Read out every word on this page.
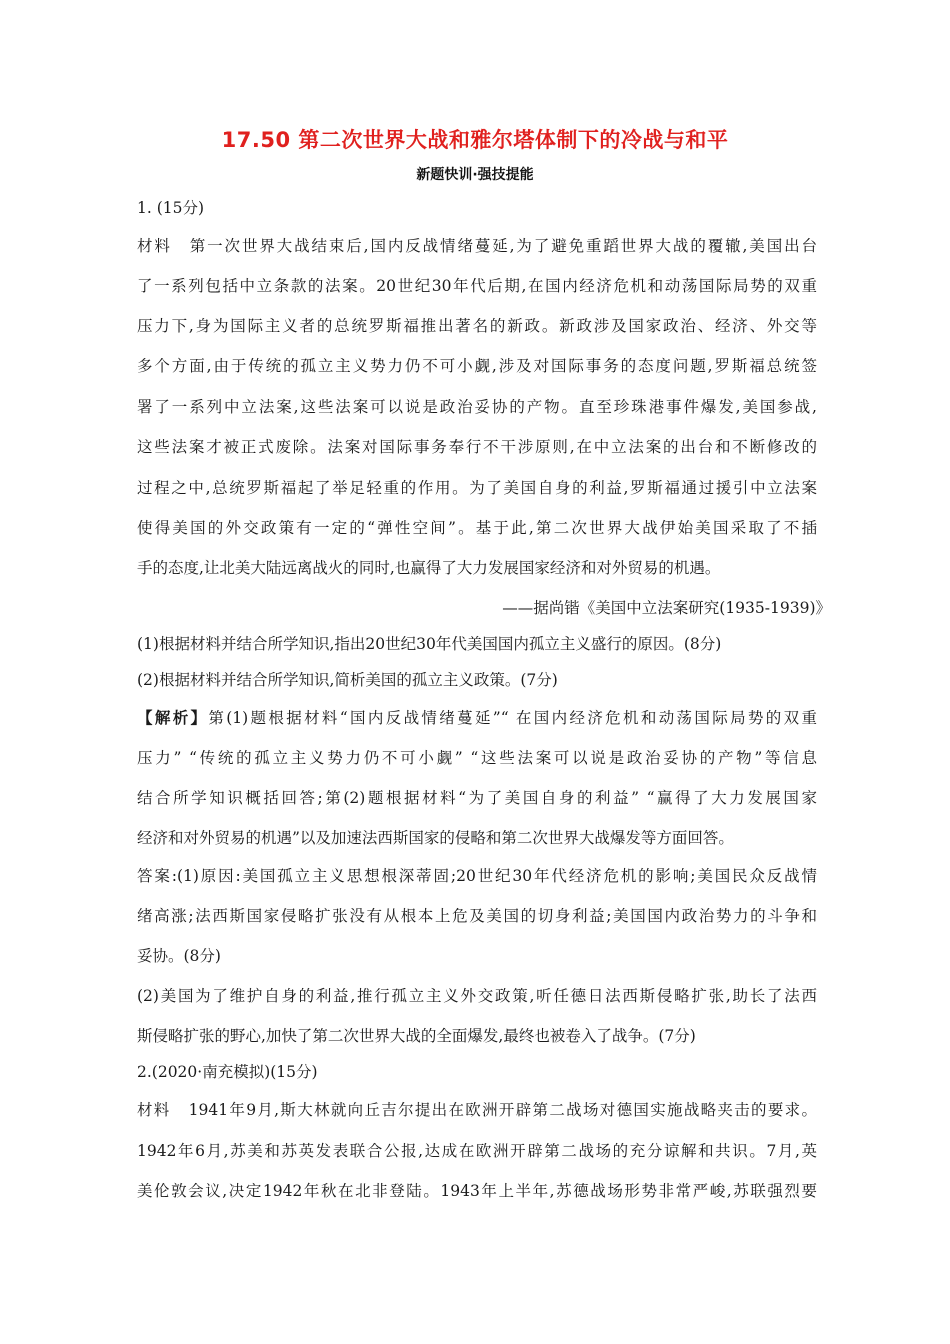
17.50 第二次世界大战和雅尔塔体制下的冷战与和平
新题快训·强技提能
1. (15分)
材料 第一次世界大战结束后,国内反战情绪蔓延,为了避免重蹈世界大战的覆辙,美国出台
了一系列包括中立条款的法案。20世纪30年代后期,在国内经济危机和动荡国际局势的双重
压力下,身为国际主义者的总统罗斯福推出著名的新政。新政涉及国家政治、经济、外交等
多个方面,由于传统的孤立主义势力仍不可小觑,涉及对国际事务的态度问题,罗斯福总统签
署了一系列中立法案,这些法案可以说是政治妥协的产物。直至珍珠港事件爆发,美国参战,
这些法案才被正式废除。法案对国际事务奉行不干涉原则,在中立法案的出台和不断修改的
过程之中,总统罗斯福起了举足轻重的作用。为了美国自身的利益,罗斯福通过援引中立法案
使得美国的外交政策有一定的“弹性空间”。基于此,第二次世界大战伊始美国采取了不插
手的态度,让北美大陆远离战火的同时,也赢得了大力发展国家经济和对外贸易的机遇。
——据尚锴《美国中立法案研究(1935-1939)》
(1)根据材料并结合所学知识,指出20世纪30年代美国国内孤立主义盛行的原因。(8分)
(2)根据材料并结合所学知识,简析美国的孤立主义政策。(7分)
【解析】第(1)题根据材料“国内反战情绪蔓延”“ 在国内经济危机和动荡国际局势的双重
压力” “传统的孤立主义势力仍不可小觑” “这些法案可以说是政治妥协的产物”等信息
结合所学知识概括回答;第(2)题根据材料“为了美国自身的利益” “赢得了大力发展国家
经济和对外贸易的机遇”以及加速法西斯国家的侵略和第二次世界大战爆发等方面回答。
答案:(1)原因:美国孤立主义思想根深蒂固;20世纪30年代经济危机的影响;美国民众反战情
绪高涨;法西斯国家侵略扩张没有从根本上危及美国的切身利益;美国国内政治势力的斗争和
妥协。(8分)
(2)美国为了维护自身的利益,推行孤立主义外交政策,听任德日法西斯侵略扩张,助长了法西
斯侵略扩张的野心,加快了第二次世界大战的全面爆发,最终也被卷入了战争。(7分)
2.(2020·南充模拟)(15分)
材料 1941年9月,斯大林就向丘吉尔提出在欧洲开辟第二战场对德国实施战略夹击的要求。
1942年6月,苏美和苏英发表联合公报,达成在欧洲开辟第二战场的充分谅解和共识。7月,英
美伦敦会议,决定1942年秋在北非登陆。1943年上半年,苏德战场形势非常严峻,苏联强烈要
